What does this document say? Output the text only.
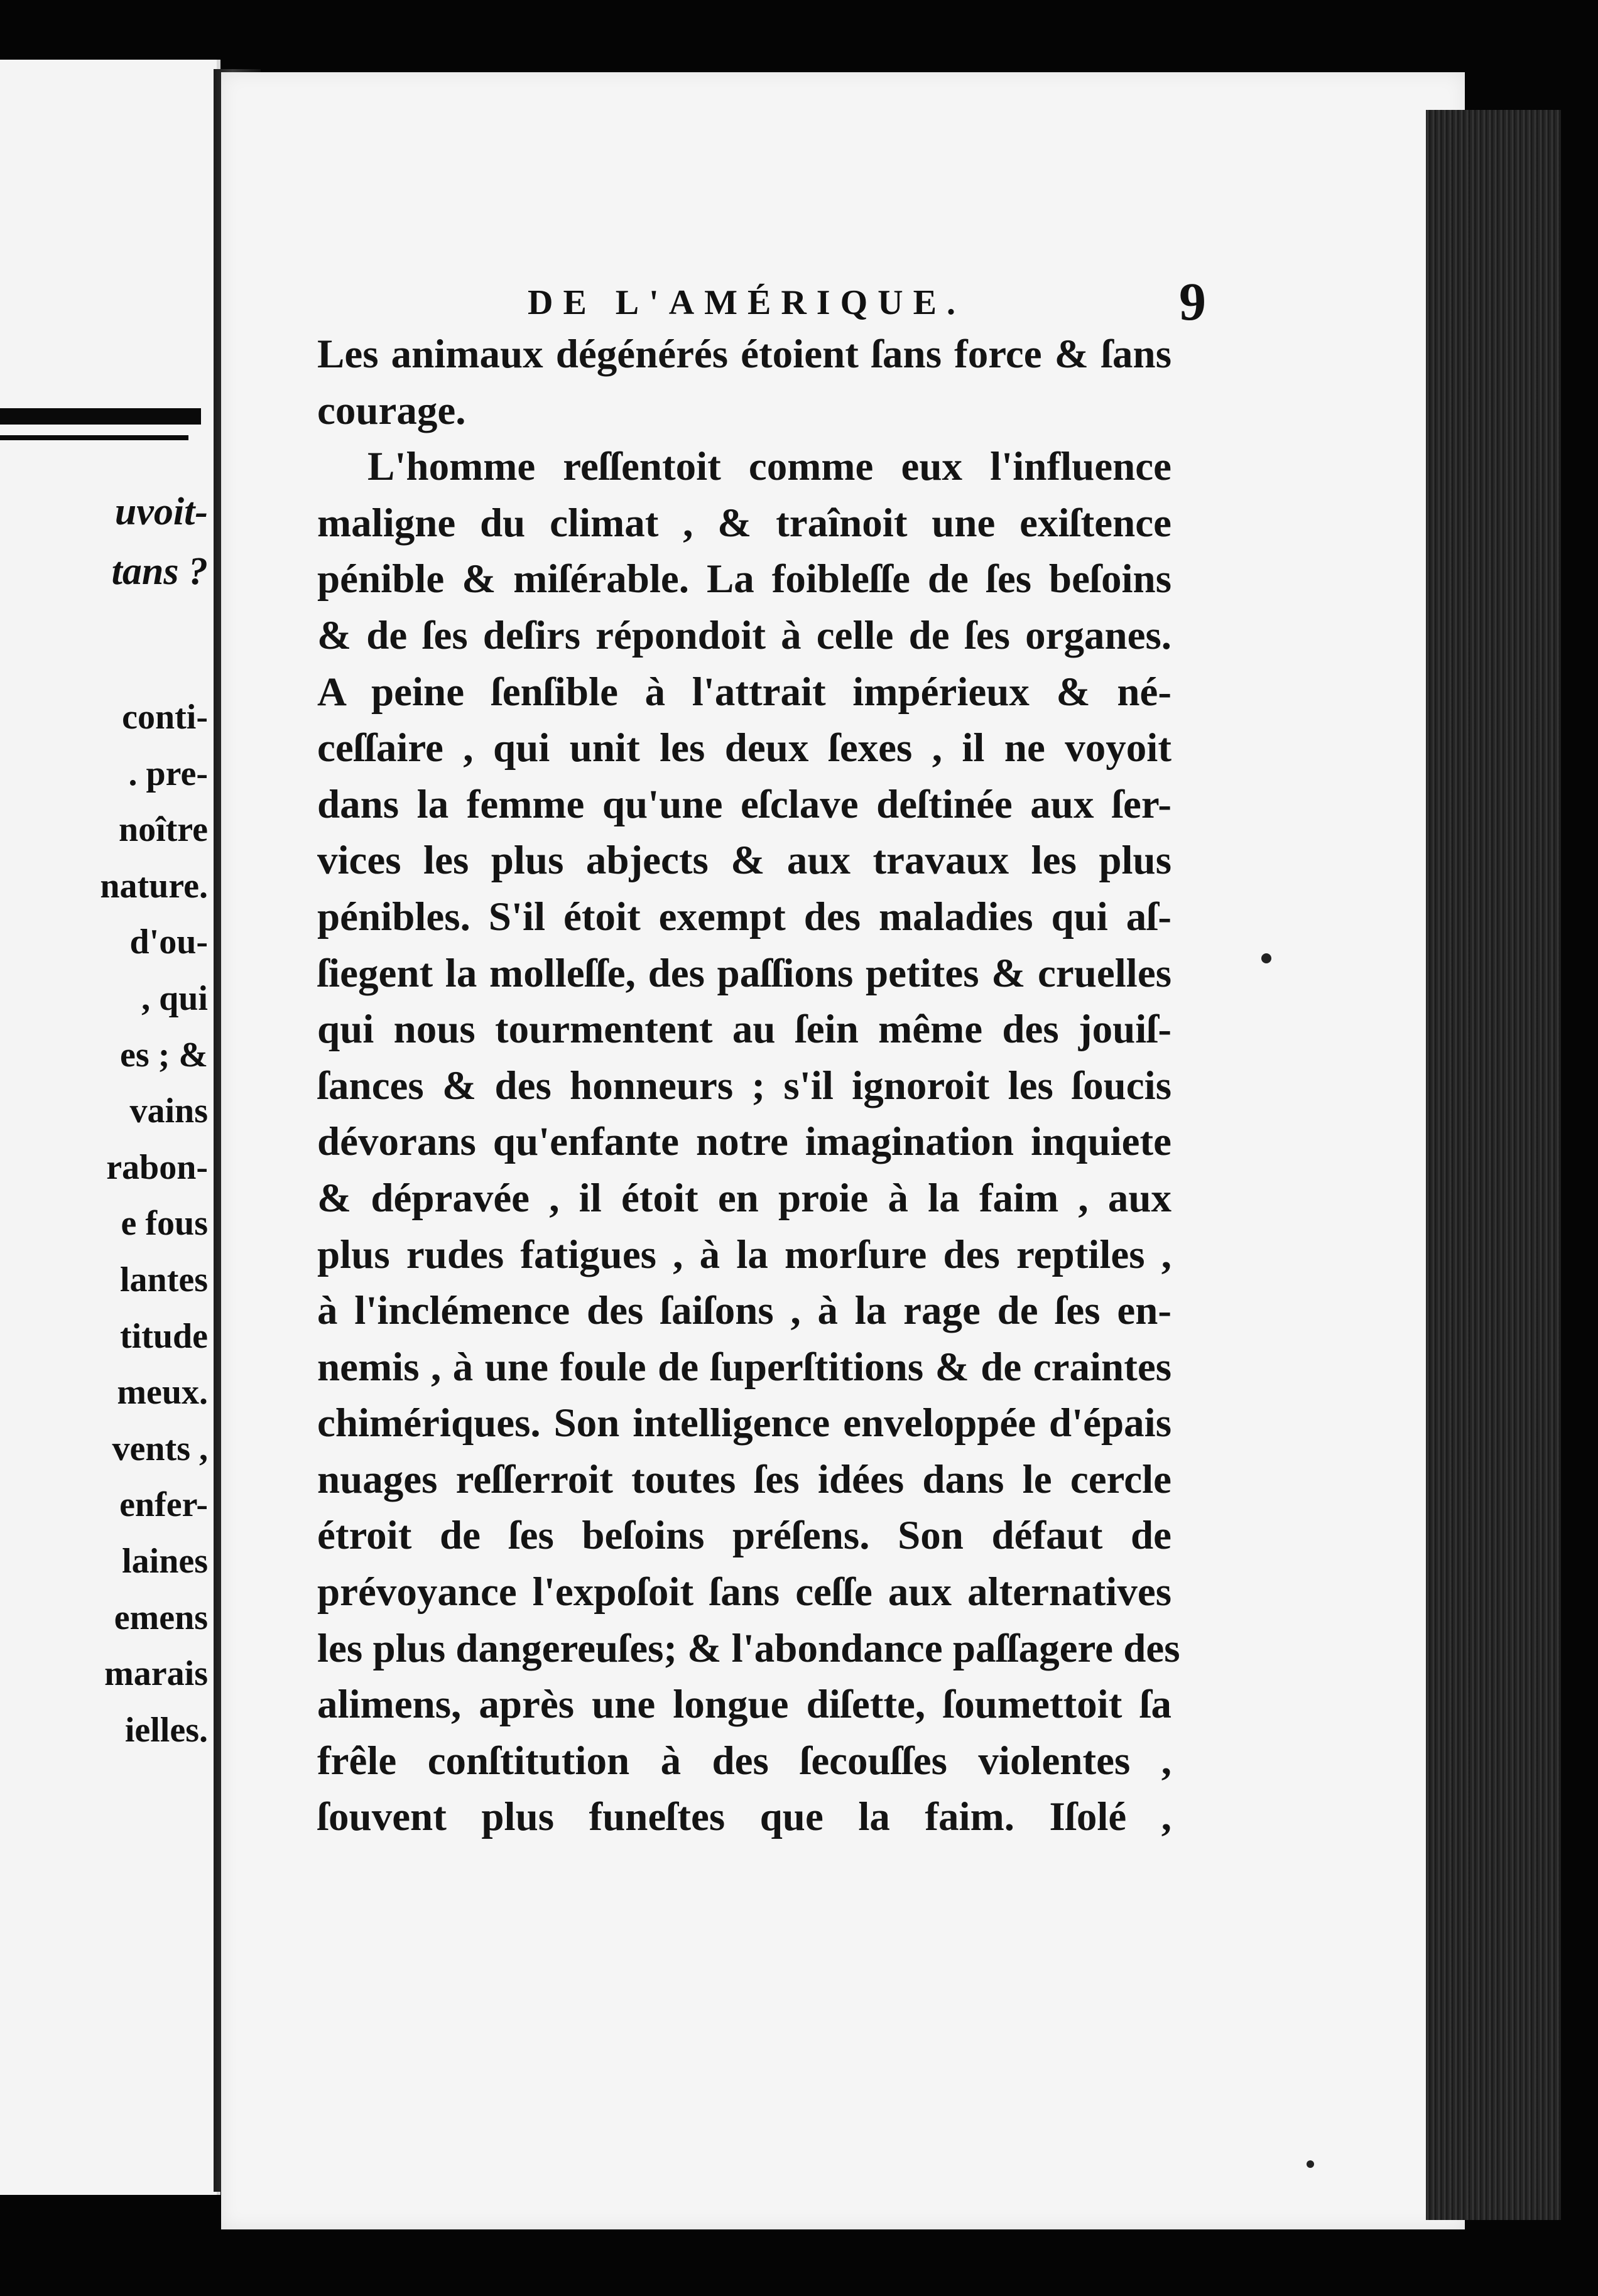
uvoit-
tans ?
conti-
. pre-
noître
nature.
d'ou-
, qui
es ; &
vains
rabon-
e fous
lantes
titude
meux.
vents ,
enfer-
laines
emens
marais
ielles.
DE L'AMÉRIQUE.	9
Les animaux dégénérés étoient ſans force & ſans
courage.
L'homme reſſentoit comme eux l'influence
maligne du climat , & traînoit une exiſtence
pénible & miſérable. La foibleſſe de ſes beſoins
& de ſes deſirs répondoit à celle de ſes organes.
A peine ſenſible à l'attrait impérieux & né-
ceſſaire , qui unit les deux ſexes , il ne voyoit
dans la femme qu'une eſclave deſtinée aux ſer-
vices les plus abjects & aux travaux les plus
pénibles. S'il étoit exempt des maladies qui aſ-
ſiegent la molleſſe, des paſſions petites & cruelles
qui nous tourmentent au ſein même des jouiſ-
ſances & des honneurs ; s'il ignoroit les ſoucis
dévorans qu'enfante notre imagination inquiete
& dépravée , il étoit en proie à la faim , aux
plus rudes fatigues , à la morſure des reptiles ,
à l'inclémence des ſaiſons , à la rage de ſes en-
nemis , à une foule de ſuperſtitions & de craintes
chimériques. Son intelligence enveloppée d'épais
nuages reſſerroit toutes ſes idées dans le cercle
étroit de ſes beſoins préſens. Son défaut de
prévoyance l'expoſoit ſans ceſſe aux alternatives
les plus dangereuſes; & l'abondance paſſagere des
alimens, après une longue diſette, ſoumettoit ſa
frêle conſtitution à des ſecouſſes violentes ,
ſouvent plus funeſtes que la faim. Iſolé ,
